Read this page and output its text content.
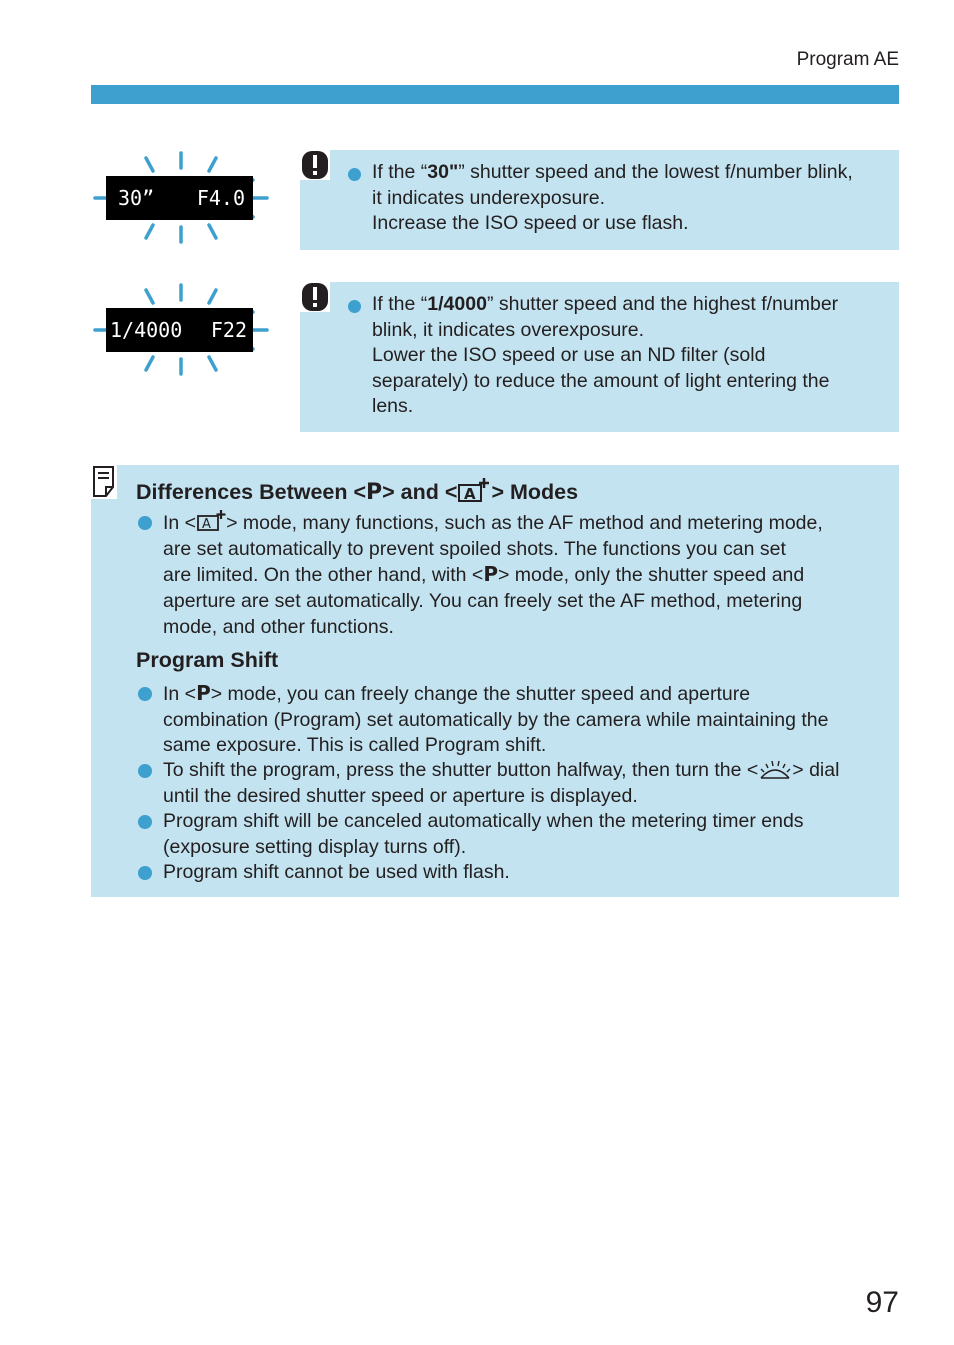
Program AE
30” F4.0
If the “30"” shutter speed and the lowest f/number blink,
it indicates underexposure.
Increase the ISO speed or use flash.
1/4000 F22
If the “1/4000” shutter speed and the highest f/number
blink, it indicates overexposure.
Lower the ISO speed or use an ND filter (sold
separately) to reduce the amount of light entering the
lens.
Differences Between <P> and < A > Modes
In < A > mode, many functions, such as the AF method and metering mode,
are set automatically to prevent spoiled shots. The functions you can set
are limited. On the other hand, with <P> mode, only the shutter speed and
aperture are set automatically. You can freely set the AF method, metering
mode, and other functions.
Program Shift
In <P> mode, you can freely change the shutter speed and aperture
combination (Program) set automatically by the camera while maintaining the
same exposure. This is called Program shift.
To shift the program, press the shutter button halfway, then turn the < > dial
until the desired shutter speed or aperture is displayed.
Program shift will be canceled automatically when the metering timer ends
(exposure setting display turns off).
Program shift cannot be used with flash.
97
